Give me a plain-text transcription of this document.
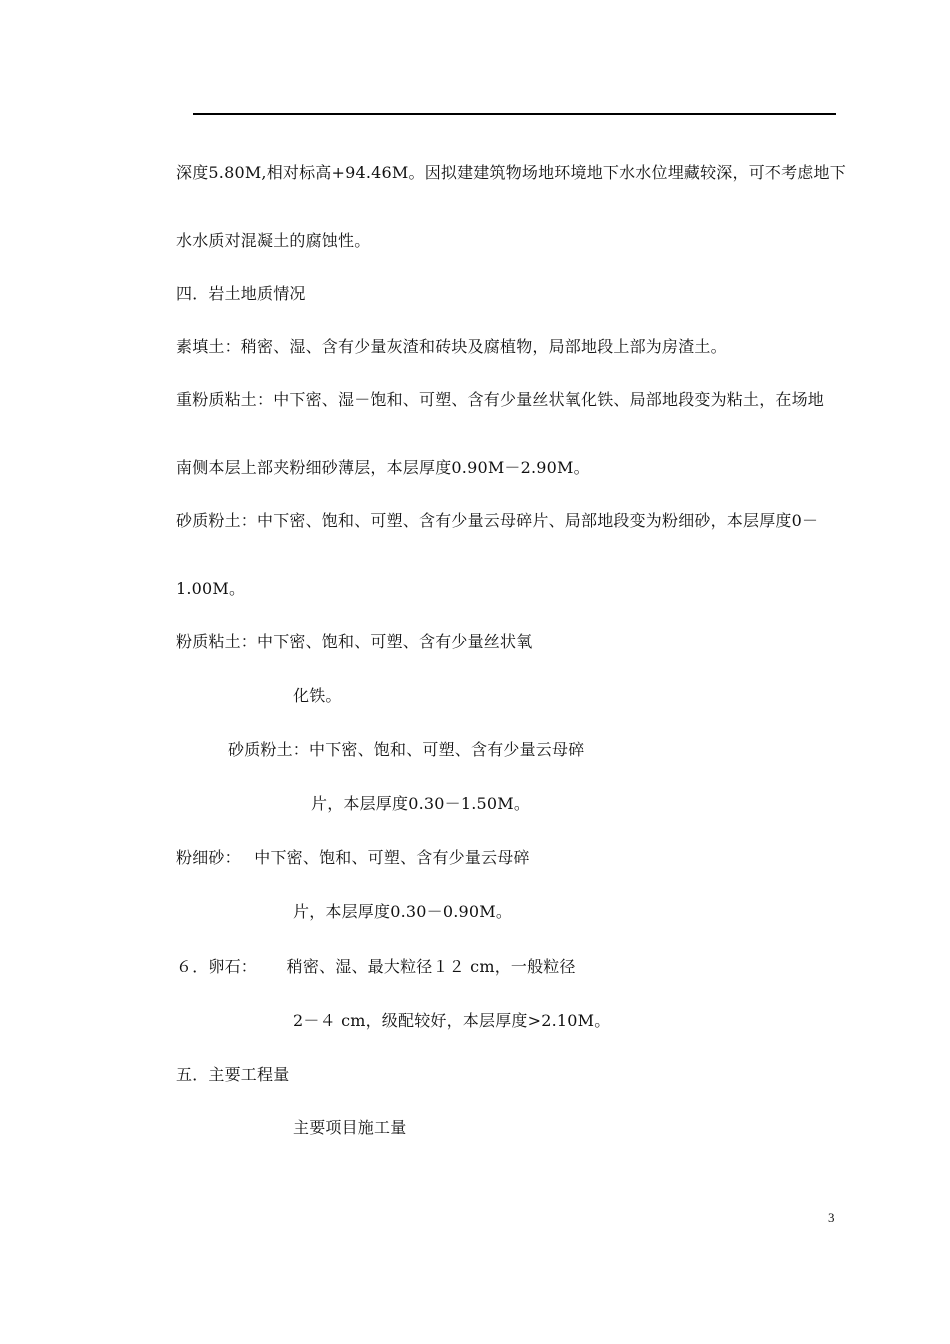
深度5.80M,相对标高+94.46M。因拟建建筑物场地环境地下水水位埋藏较深，可不考虑地下
水水质对混凝土的腐蚀性。
四．岩土地质情况
素填土：稍密、湿、含有少量灰渣和砖块及腐植物，局部地段上部为房渣土。
重粉质粘土：中下密、湿－饱和、可塑、含有少量丝状氧化铁、局部地段变为粘土，在场地
南侧本层上部夹粉细砂薄层，本层厚度0.90M－2.90M。
砂质粉土：中下密、饱和、可塑、含有少量云母碎片、局部地段变为粉细砂，本层厚度0－
1.00M。
粉质粘土：中下密、饱和、可塑、含有少量丝状氧
化铁。
砂质粉土：中下密、饱和、可塑、含有少量云母碎
片，本层厚度0.30－1.50M。
粉细砂：　 中下密、饱和、可塑、含有少量云母碎
片，本层厚度0.30－0.90M。
６．卵石：　　 稍密、湿、最大粒径１２ cm，一般粒径
2－４ cm，级配较好，本层厚度>2.10M。
五．主要工程量
主要项目施工量
3
